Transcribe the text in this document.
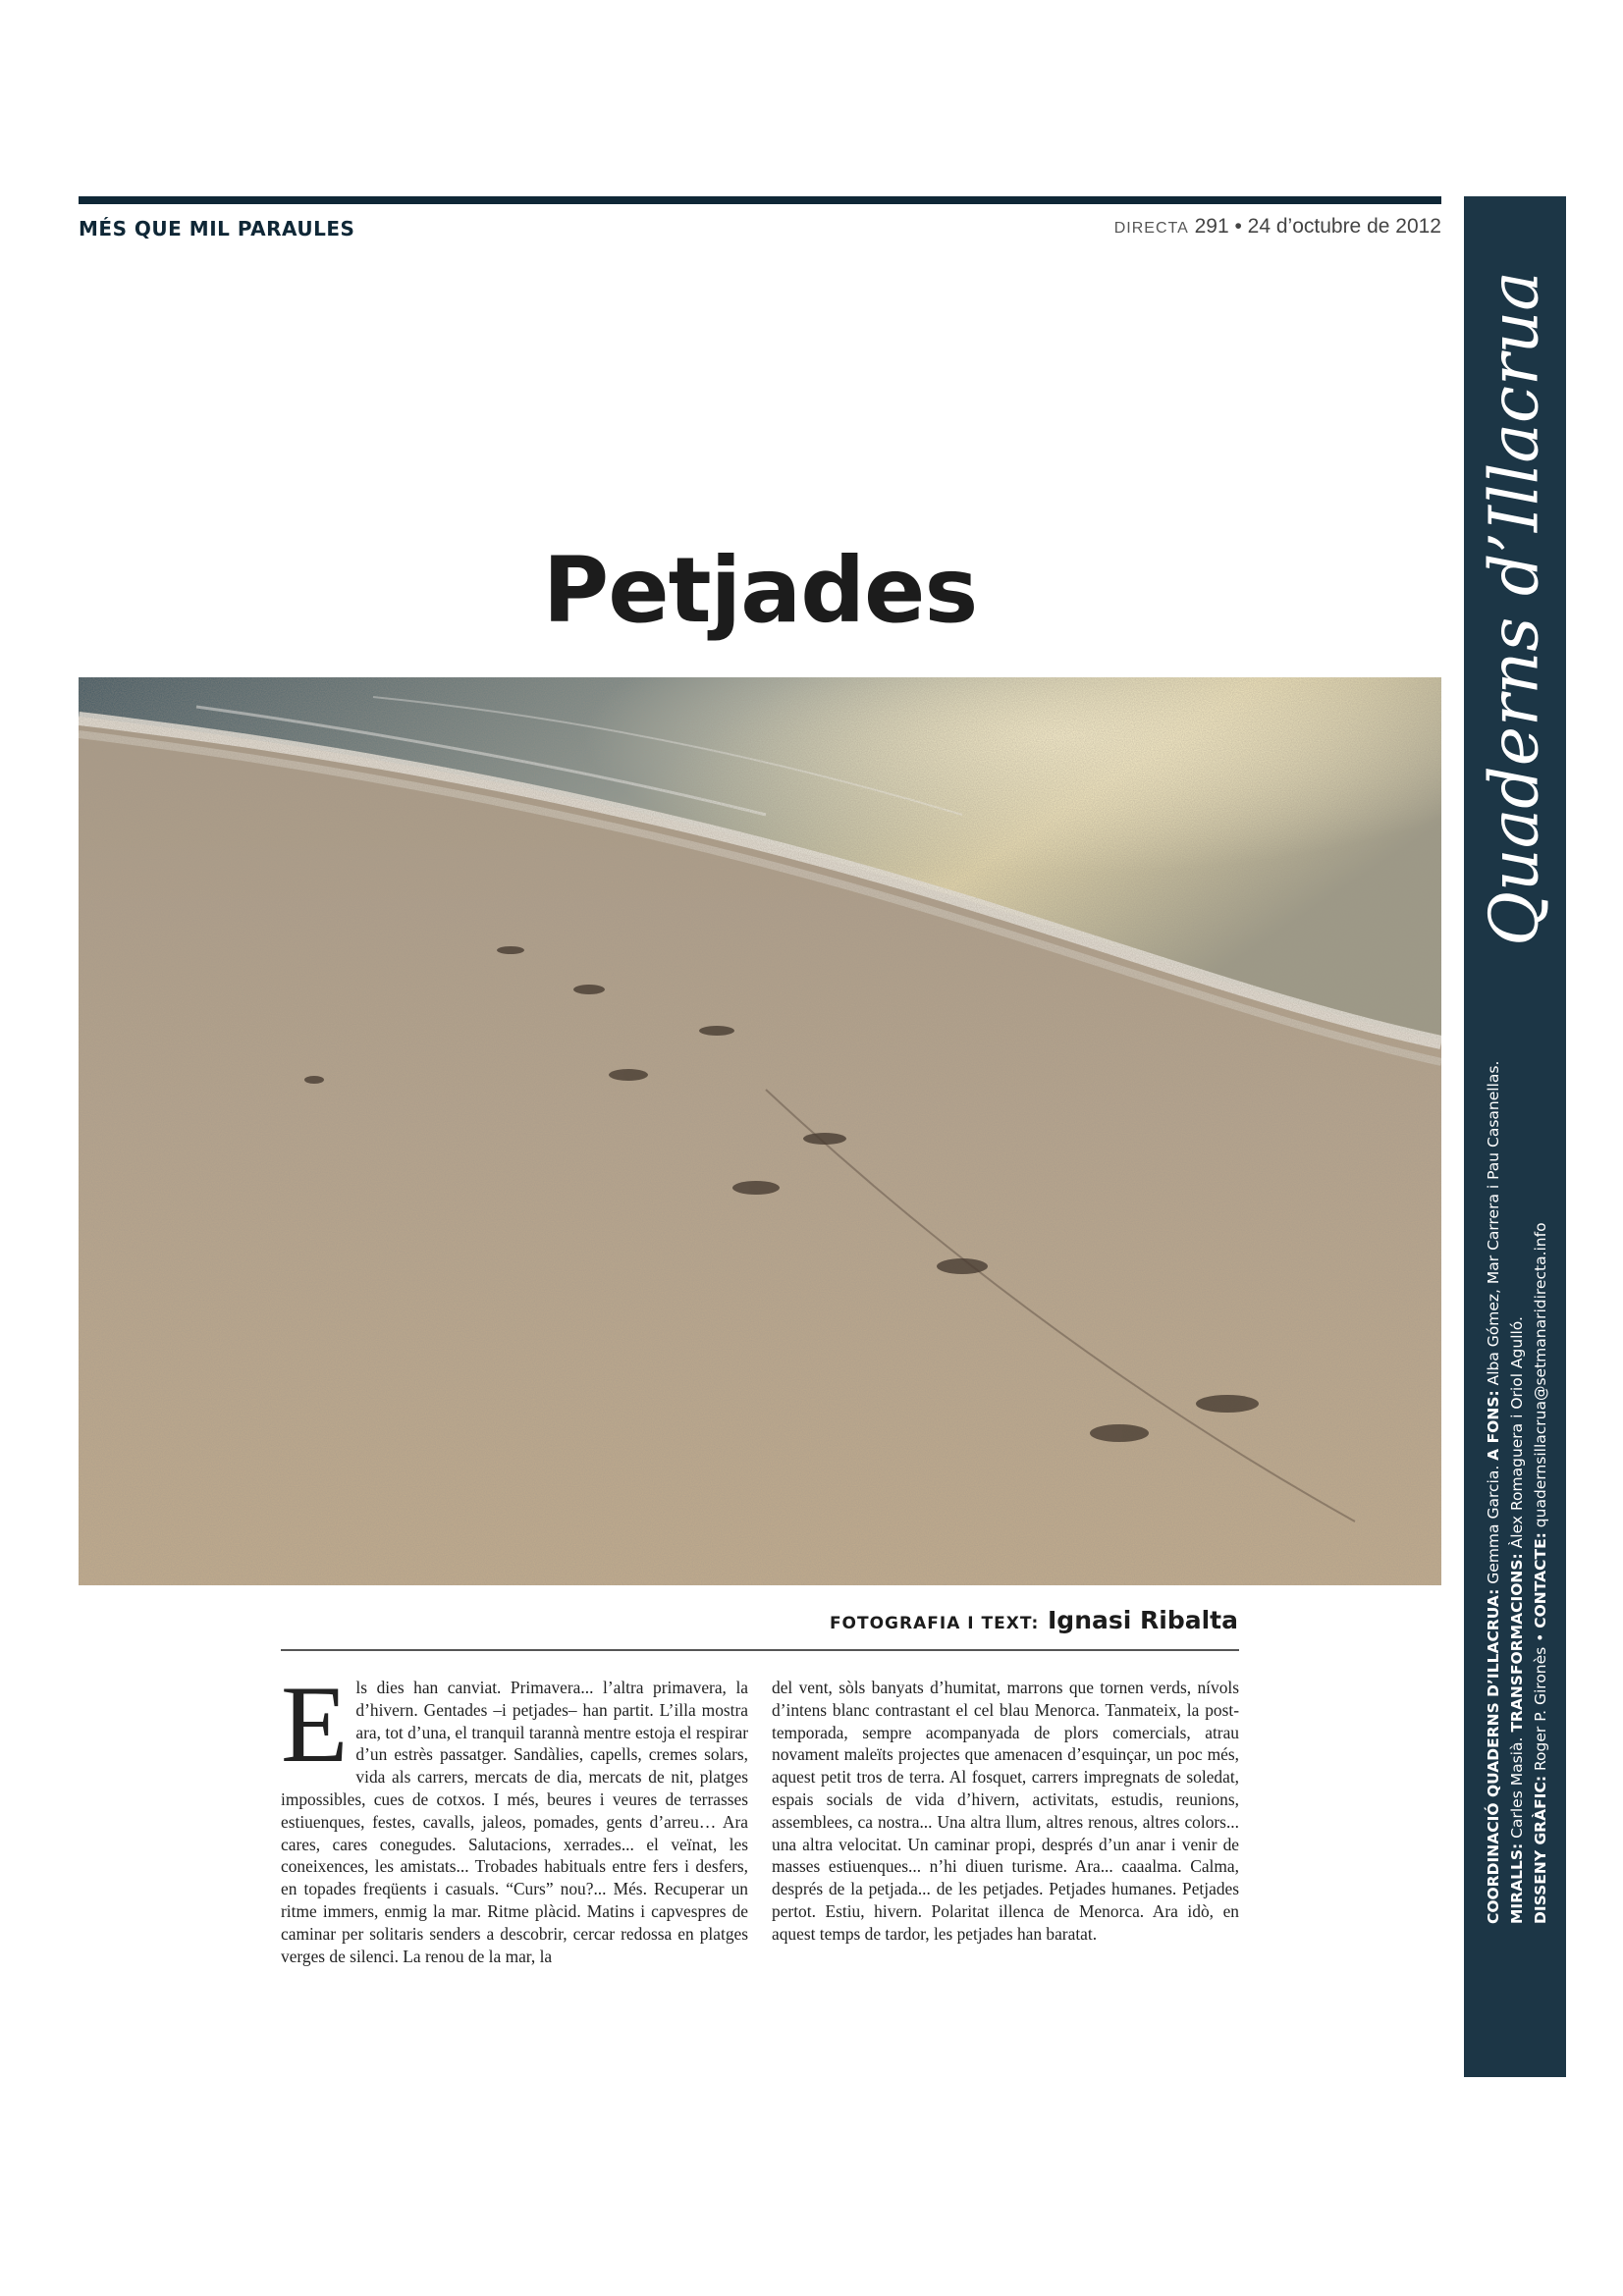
MÉS QUE MIL PARAULES	DIRECTA 291 • 24 d’octubre de 2012
Quaderns d’Illacrua
COORDINACIÓ QUADERNS D’ILLACRUA: Gemma Garcia. A FONS: Alba Gómez, Mar Carrera i Pau Casanellas.
MIRALLS: Carles Masià. TRANSFORMACIONS: Àlex Romaguera i Oriol Agulló.
DISSENY GRÀFIC: Roger P. Gironès • CONTACTE: quadernsillacrua@setmanaridirecta.info
Petjades
FOTOGRAFIA I TEXT: Ignasi Ribalta
Els dies han canviat. Primavera... l’altra primavera, la d’hivern. Gentades –i petjades– han partit. L’illa mostra ara, tot d’una, el tranquil tarannà mentre estoja el respirar d’un estrès passatger. Sandàlies, capells, cremes solars, vida als carrers, mercats de dia, mercats de nit, platges impossibles, cues de cotxos. I més, beures i veures de terrasses estiuenques, festes, cavalls, jaleos, pomades, gents d’arreu… Ara cares, cares conegudes. Salutacions, xerrades... el veïnat, les coneixences, les amistats... Trobades habituals entre fers i desfers, en topades freqüents i casuals. “Curs” nou?... Més. Recuperar un ritme immers, enmig la mar. Ritme plàcid. Matins i capvespres de caminar per solitaris senders a descobrir, cercar redossa en platges verges de silenci. La renou de la mar, la
del vent, sòls banyats d’humitat, marrons que tornen verds, nívols d’intens blanc contrastant el cel blau Menorca. Tanmateix, la post-temporada, sempre acompanyada de plors comercials, atrau novament maleïts projectes que amenacen d’esquinçar, un poc més, aquest petit tros de terra. Al fosquet, carrers impregnats de soledat, espais socials de vida d’hivern, activitats, estudis, reunions, assemblees, ca nostra... Una altra llum, altres renous, altres colors... una altra velocitat. Un caminar propi, després d’un anar i venir de masses estiuenques... n’hi diuen turisme. Ara... caaalma. Calma, després de la petjada... de les petjades. Petjades humanes. Petjades pertot. Estiu, hivern. Polaritat illenca de Menorca. Ara idò, en aquest temps de tardor, les petjades han baratat.
